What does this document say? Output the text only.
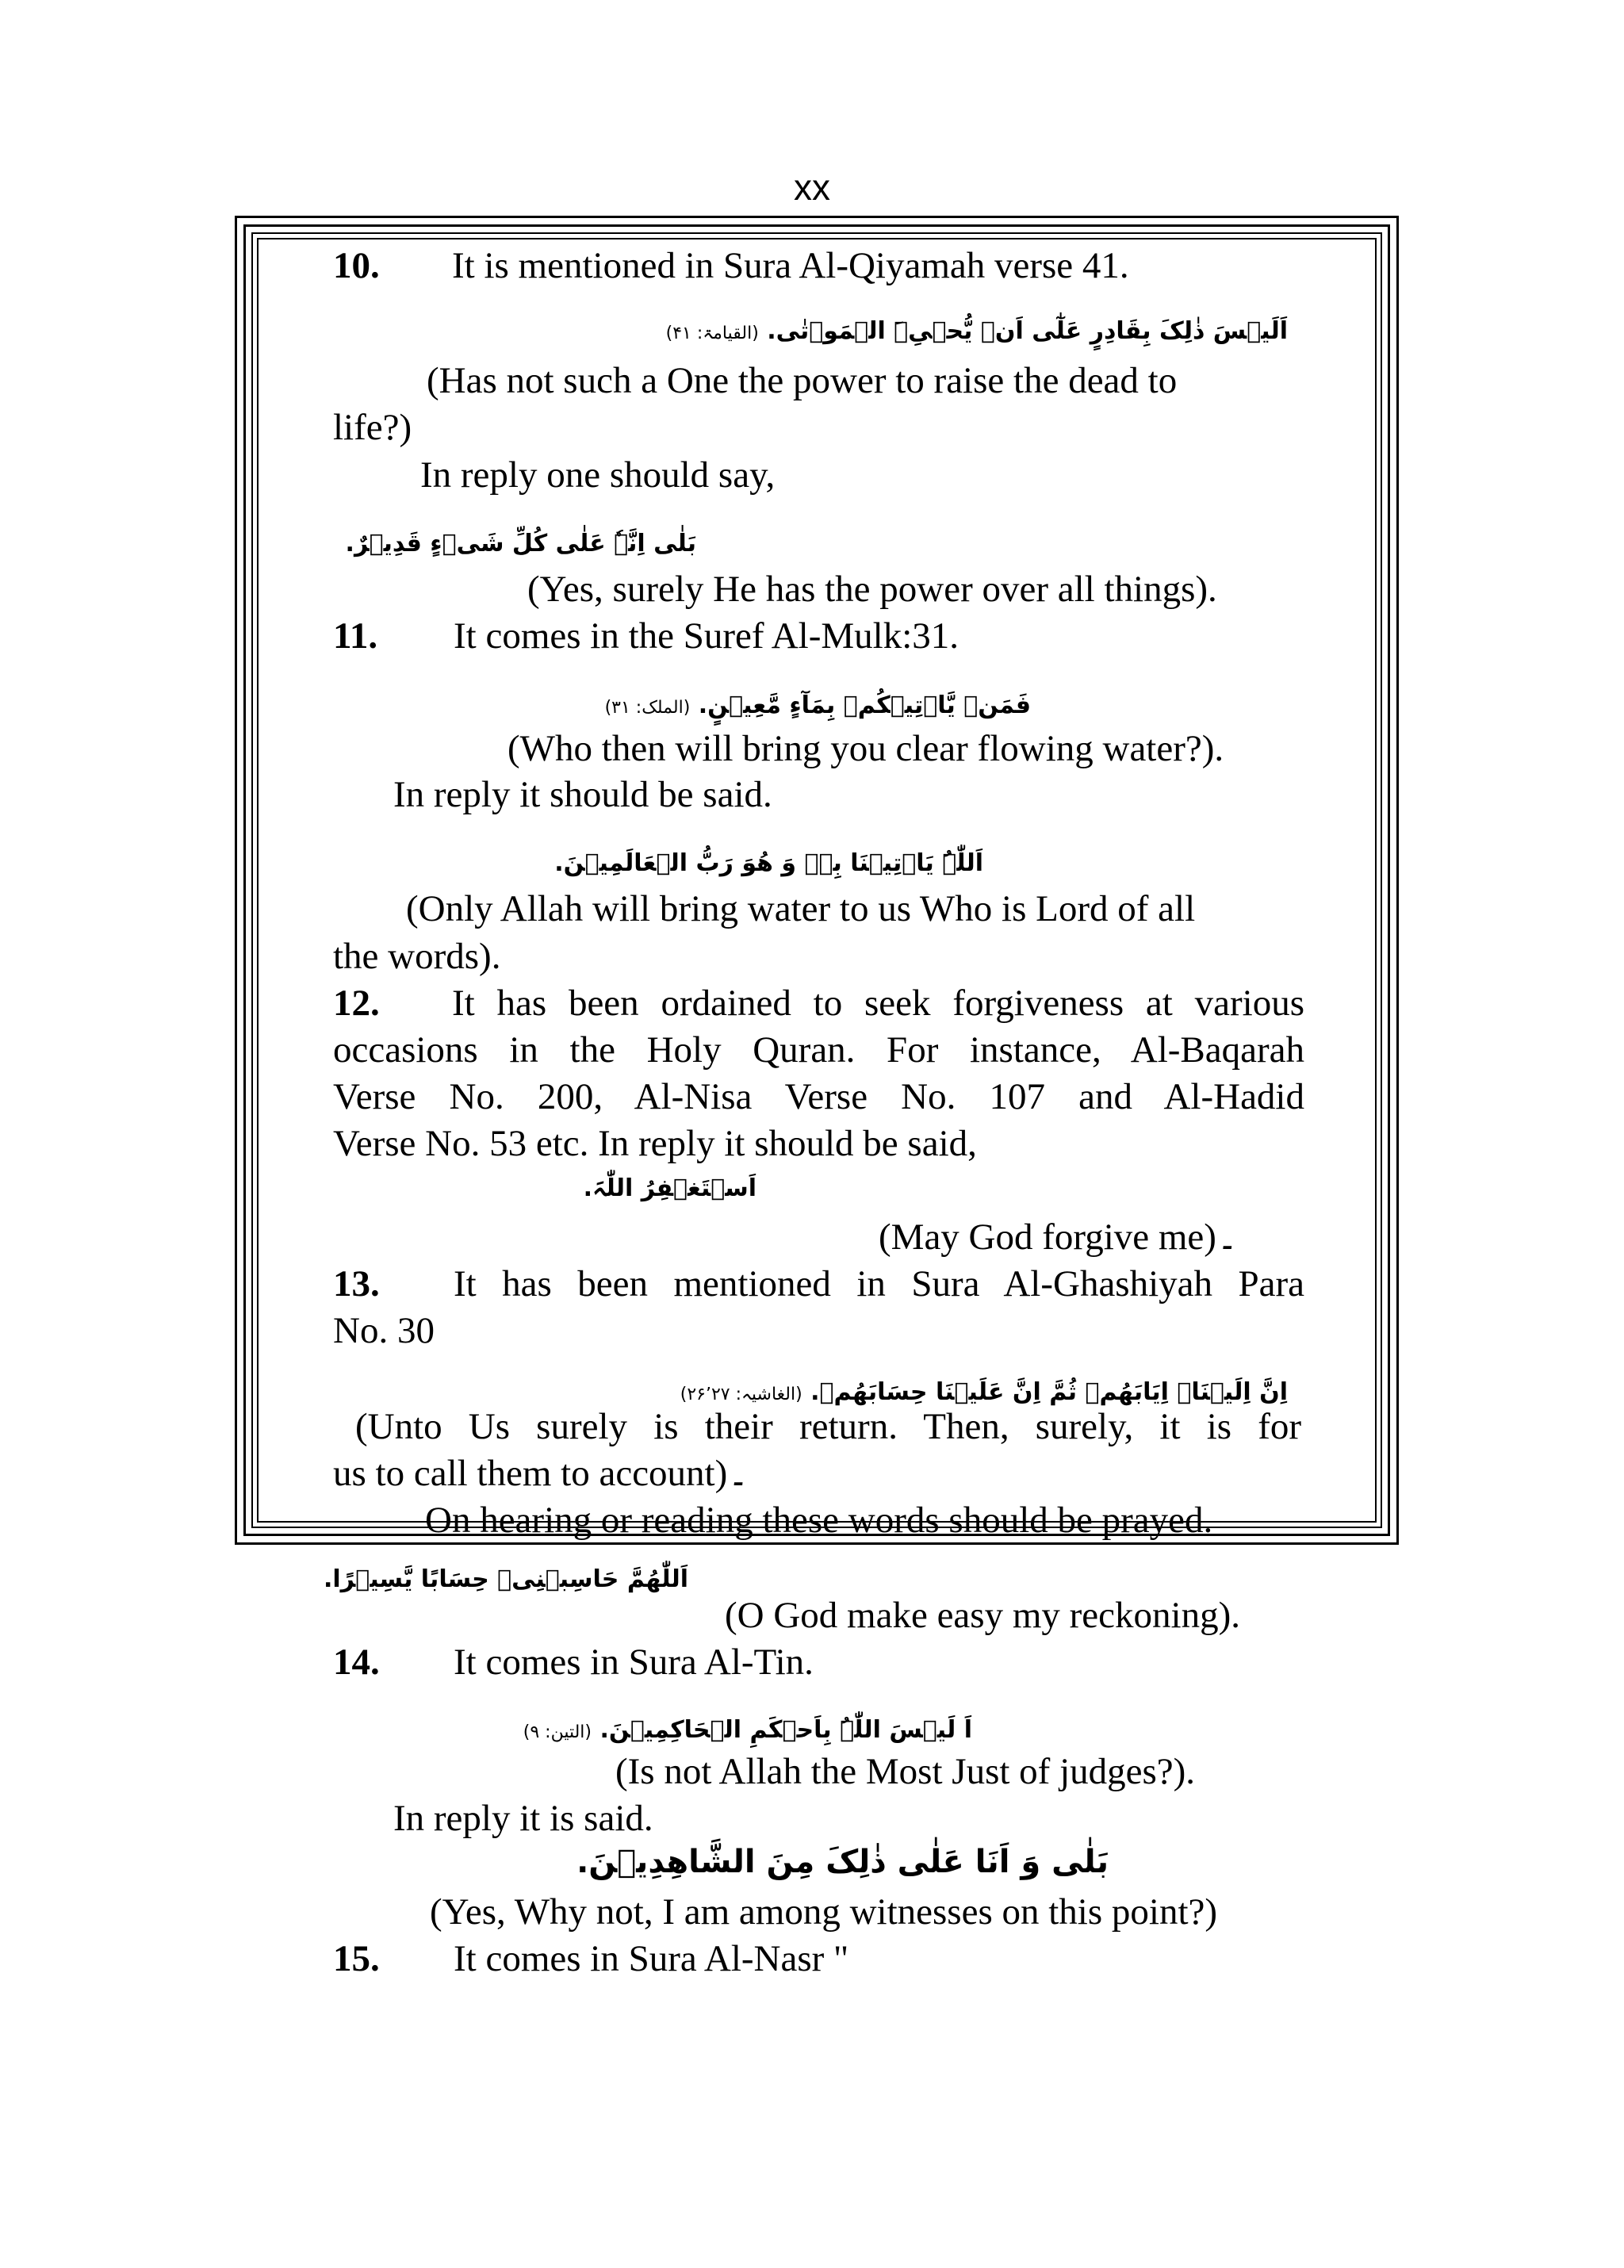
xx
10. It is mentioned in Sura Al-Qiyamah verse 41.
اَلَيۡسَ ذٰلِکَ بِقَادِرٍ عَلٰٓی اَنۡ یُّحۡیِۦَ الۡمَوۡتٰی. (القیامۃ: ۴۱)
(Has not such a One the power to raise the dead to
life?)
In reply one should say,
بَلٰی اِنَّہٗ عَلٰی کُلِّ شَیۡءٍ قَدِیۡرٌ.
(Yes, surely He has the power over all things).
11. It comes in the Suref Al-Mulk:31.
فَمَنۡ یَّاۡتِیۡکُمۡ بِمَآءٍ مَّعِیۡنٍ. (الملک: ۳۱)
(Who then will bring you clear flowing water?).
In reply it should be said.
اَللّٰہُ یَاۡتِیۡنَا بِہٖ وَ ھُوَ رَبُّ الۡعَالَمِیۡنَ.
(Only Allah will bring water to us Who is Lord of all
the words).
12. It has been ordained to seek forgiveness at various
occasions in the Holy Quran. For instance, Al-Baqarah
Verse No. 200, Al-Nisa Verse No. 107 and Al-Hadid
Verse No. 53 etc. In reply it should be said,
اَسۡتَغۡفِرُ اللّٰہَ.
(May God forgive me)۔
13. It has been mentioned in Sura Al-Ghashiyah Para
No. 30
اِنَّ اِلَیۡنَاۤ اِیَابَھُمۡ ثُمَّ اِنَّ عَلَیۡنَا حِسَابَھُمۡ. (الغاشیہ: ۲۶٬۲۷)
(Unto Us surely is their return. Then, surely, it is for
us to call them to account)۔
On hearing or reading these words should be prayed.
اَللّٰھُمَّ حَاسِبۡنِیۡ حِسَابًا یَّسِیۡرًا.
(O God make easy my reckoning).
14. It comes in Sura Al-Tin.
اَ لَیۡسَ اللّٰہُ بِاَحۡکَمِ الۡحَاکِمِیۡنَ. (التین: ۹)
(Is not Allah the Most Just of judges?).
In reply it is said.
بَلٰی وَ اَنَا عَلٰی ذٰلِکَ مِنَ الشَّاھِدِیۡنَ.
(Yes, Why not, I am among witnesses on this point?)
15. It comes in Sura Al-Nasr "
